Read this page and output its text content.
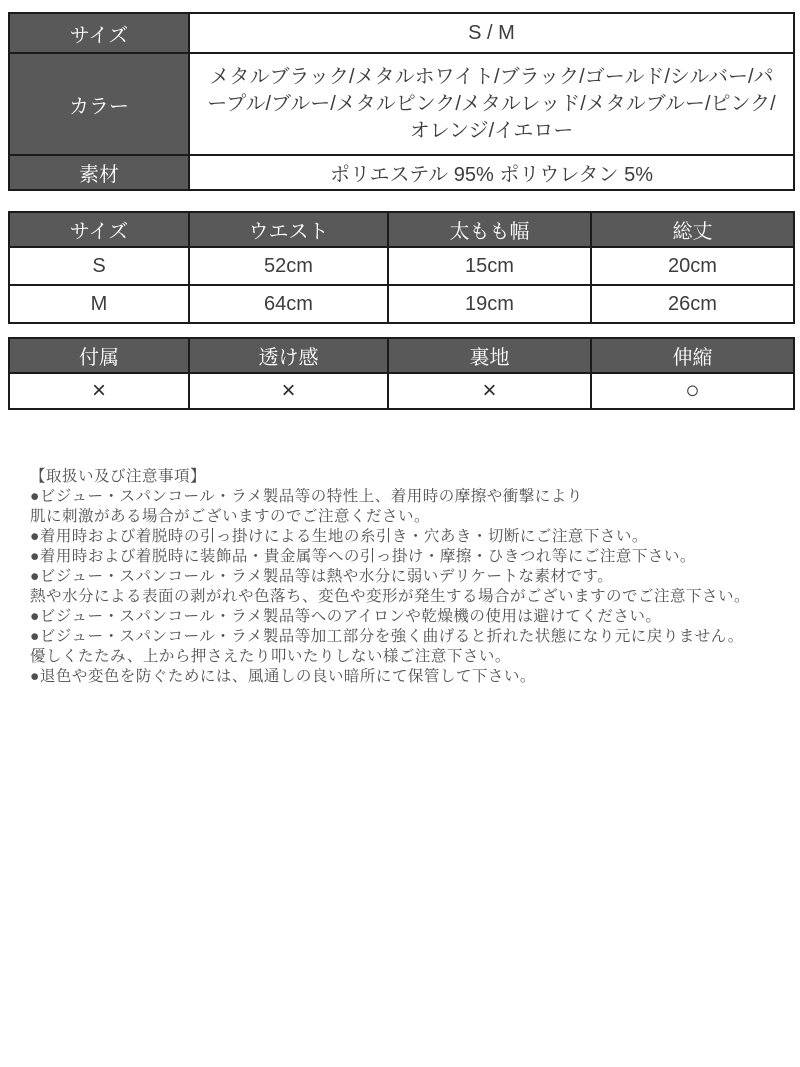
サイズ	S / M
カラー	メタルブラック/メタルホワイト/ブラック/ゴールド/シルバー/パープル/ブルー/メタルピンク/メタルレッド/メタルブルー/ピンク/オレンジ/イエロー
素材	ポリエステル 95% ポリウレタン 5%
サイズ	ウエスト	太もも幅	総丈
S	52cm	15cm	20cm
M	64cm	19cm	26cm
付属	透け感	裏地	伸縮
×	×	×	○
【取扱い及び注意事項】
●ビジュー・スパンコール・ラメ製品等の特性上、着用時の摩擦や衝撃により
肌に刺激がある場合がございますのでご注意ください。
●着用時および着脱時の引っ掛けによる生地の糸引き・穴あき・切断にご注意下さい。
●着用時および着脱時に装飾品・貴金属等への引っ掛け・摩擦・ひきつれ等にご注意下さい。
●ビジュー・スパンコール・ラメ製品等は熱や水分に弱いデリケートな素材です。
熱や水分による表面の剥がれや色落ち、変色や変形が発生する場合がございますのでご注意下さい。
●ビジュー・スパンコール・ラメ製品等へのアイロンや乾燥機の使用は避けてください。
●ビジュー・スパンコール・ラメ製品等加工部分を強く曲げると折れた状態になり元に戻りません。
優しくたたみ、上から押さえたり叩いたりしない様ご注意下さい。
●退色や変色を防ぐためには、風通しの良い暗所にて保管して下さい。
